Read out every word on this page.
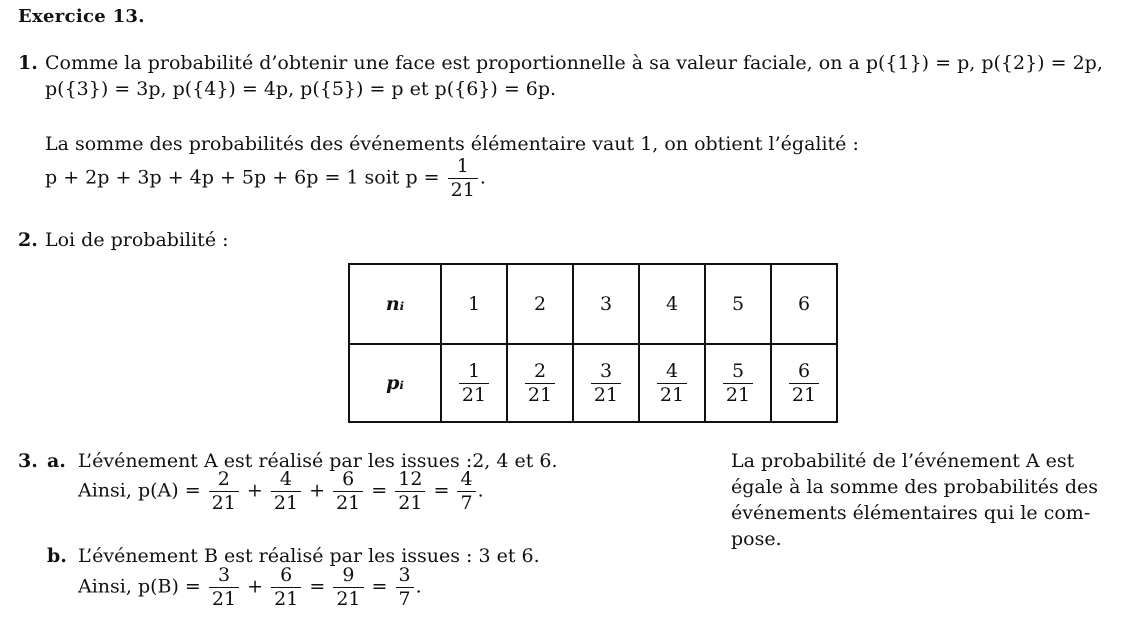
Exercice 13.
1. Comme la probabilité d’obtenir une face est proportionnelle à sa valeur faciale, on a p({1}) = p, p({2}) = 2p,
p({3}) = 3p, p({4}) = 4p, p({5}) = p et p({6}) = 6p.
La somme des probabilités des événements élémentaire vaut 1, on obtient l’égalité :
p + 2p + 3p + 4p + 5p + 6p = 1 soit $p = \frac{1}{21}$ .
2. Loi de probabilité :
nᵢ	1	2	3	4	5	6
pᵢ	$\frac{1}{21}$	$\frac{2}{21}$	$\frac{3}{21}$	$\frac{4}{21}$	$\frac{5}{21}$	$\frac{6}{21}$
3. a. L’événement A est réalisé par les issues :2, 4 et 6.
Ainsi, $p(A) = \frac{2}{21} + \frac{4}{21} + \frac{6}{21} = \frac{12}{21} = \frac{4}{7}$ .
b. L’événement B est réalisé par les issues : 3 et 6.
Ainsi, $p(B) = \frac{3}{21} + \frac{6}{21} = \frac{9}{21} = \frac{3}{7}$ .
La probabilité de l’événement A est
égale à la somme des probabilités des
événements élémentaires qui le com-
pose.
